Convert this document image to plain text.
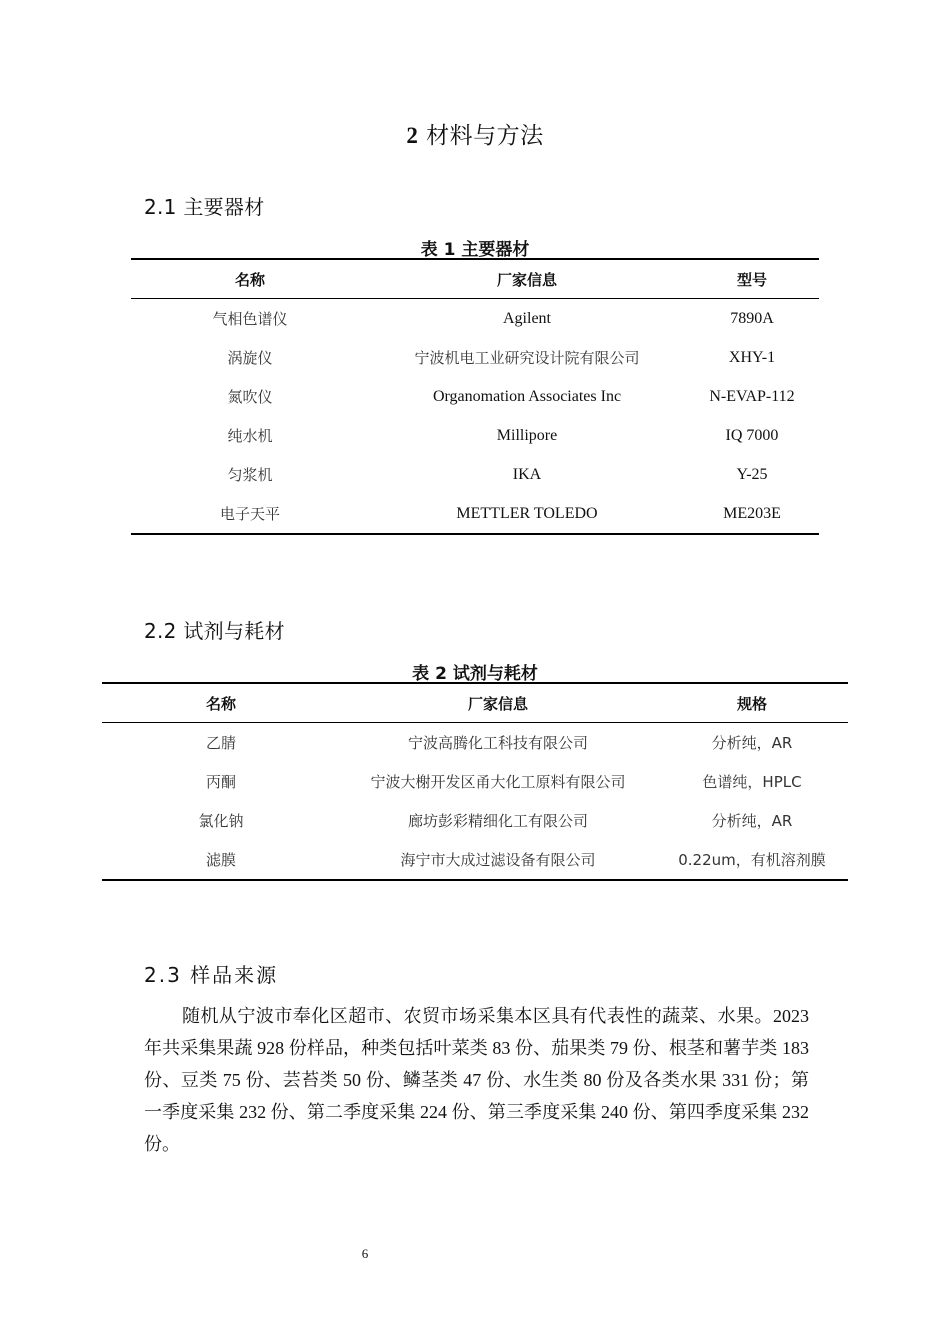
2 材料与方法
2.1 主要器材
表 1 主要器材
名称	厂家信息	型号
气相色谱仪	Agilent	7890A
涡旋仪	宁波机电工业研究设计院有限公司	XHY-1
氮吹仪	Organomation Associates Inc	N-EVAP-112
纯水机	Millipore	IQ 7000
匀浆机	IKA	Y-25
电子天平	METTLER TOLEDO	ME203E
2.2 试剂与耗材
表 2 试剂与耗材
名称	厂家信息	规格
乙腈	宁波高腾化工科技有限公司	分析纯，AR
丙酮	宁波大榭开发区甬大化工原料有限公司	色谱纯，HPLC
氯化钠	廊坊彭彩精细化工有限公司	分析纯，AR
滤膜	海宁市大成过滤设备有限公司	0.22um，有机溶剂膜
2.3 样品来源
随机从宁波市奉化区超市、农贸市场采集本区具有代表性的蔬菜、水果。2023 年共采集果蔬 928 份样品，种类包括叶菜类 83 份、茄果类 79 份、根茎和薯芋类 183 份、豆类 75 份、芸苔类 50 份、鳞茎类 47 份、水生类 80 份及各类水果 331 份；第一季度采集 232 份、第二季度采集 224 份、第三季度采集 240 份、第四季度采集 232 份。
6
